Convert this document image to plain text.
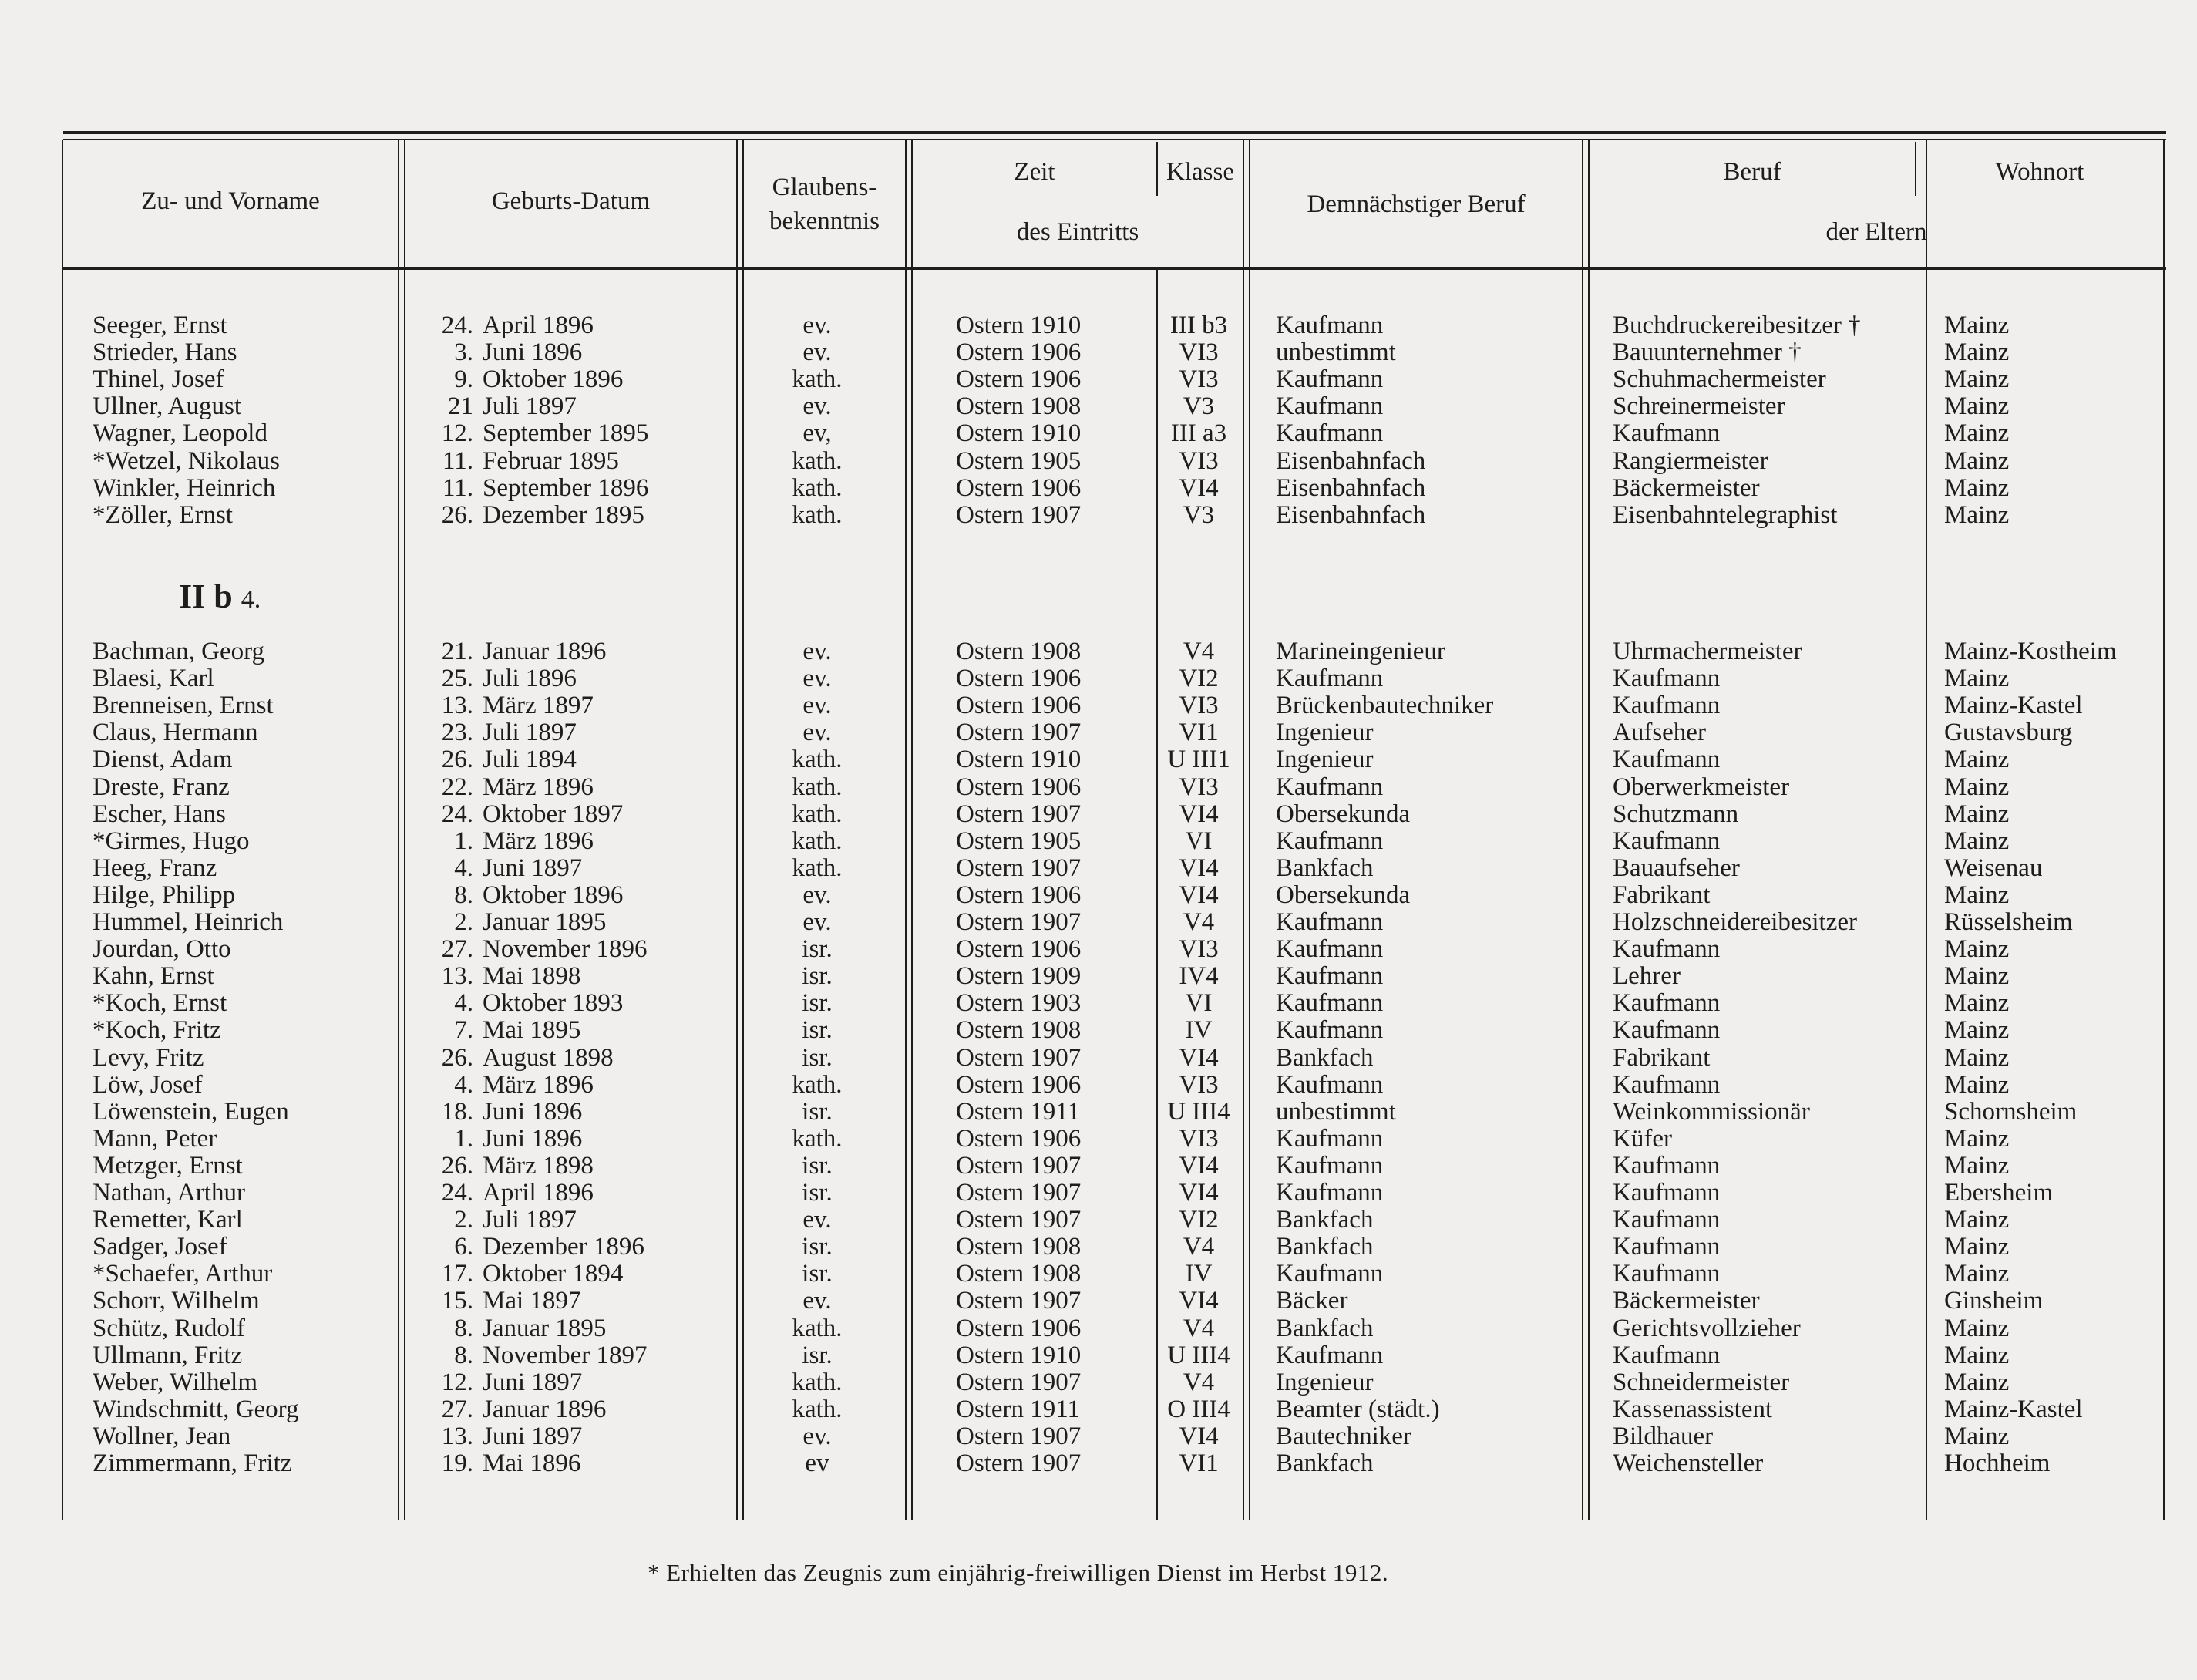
Zu- und Vorname	Geburts-Datum	Glaubens-
bekenntnis
Zeit	Klasse
des Eintritts
Demnächstiger Beruf
Beruf	Wohnort
der Eltern
Seeger, Ernst	24. April 1896	ev.	Ostern 1910	III b3	Kaufmann	Buchdruckereibesitzer †	Mainz
Strieder, Hans	3. Juni 1896	ev.	Ostern 1906	VI3	unbestimmt	Bauunternehmer †	Mainz
Thinel, Josef	9. Oktober 1896	kath.	Ostern 1906	VI3	Kaufmann	Schuhmachermeister	Mainz
Ullner, August	21 Juli 1897	ev.	Ostern 1908	V3	Kaufmann	Schreinermeister	Mainz
Wagner, Leopold	12. September 1895	ev,	Ostern 1910	III a3	Kaufmann	Kaufmann	Mainz
*Wetzel, Nikolaus	11. Februar 1895	kath.	Ostern 1905	VI3	Eisenbahnfach	Rangiermeister	Mainz
Winkler, Heinrich	11. September 1896	kath.	Ostern 1906	VI4	Eisenbahnfach	Bäckermeister	Mainz
*Zöller, Ernst	26. Dezember 1895	kath.	Ostern 1907	V3	Eisenbahnfach	Eisenbahntelegraphist	Mainz
II b 4.
Bachman, Georg	21. Januar 1896	ev.	Ostern 1908	V4	Marineingenieur	Uhrmachermeister	Mainz-Kostheim
Blaesi, Karl	25. Juli 1896	ev.	Ostern 1906	VI2	Kaufmann	Kaufmann	Mainz
Brenneisen, Ernst	13. März 1897	ev.	Ostern 1906	VI3	Brückenbautechniker	Kaufmann	Mainz-Kastel
Claus, Hermann	23. Juli 1897	ev.	Ostern 1907	VI1	Ingenieur	Aufseher	Gustavsburg
Dienst, Adam	26. Juli 1894	kath.	Ostern 1910	U III1	Ingenieur	Kaufmann	Mainz
Dreste, Franz	22. März 1896	kath.	Ostern 1906	VI3	Kaufmann	Oberwerkmeister	Mainz
Escher, Hans	24. Oktober 1897	kath.	Ostern 1907	VI4	Obersekunda	Schutzmann	Mainz
*Girmes, Hugo	1. März 1896	kath.	Ostern 1905	VI	Kaufmann	Kaufmann	Mainz
Heeg, Franz	4. Juni 1897	kath.	Ostern 1907	VI4	Bankfach	Bauaufseher	Weisenau
Hilge, Philipp	8. Oktober 1896	ev.	Ostern 1906	VI4	Obersekunda	Fabrikant	Mainz
Hummel, Heinrich	2. Januar 1895	ev.	Ostern 1907	V4	Kaufmann	Holzschneidereibesitzer	Rüsselsheim
Jourdan, Otto	27. November 1896	isr.	Ostern 1906	VI3	Kaufmann	Kaufmann	Mainz
Kahn, Ernst	13. Mai 1898	isr.	Ostern 1909	IV4	Kaufmann	Lehrer	Mainz
*Koch, Ernst	4. Oktober 1893	isr.	Ostern 1903	VI	Kaufmann	Kaufmann	Mainz
*Koch, Fritz	7. Mai 1895	isr.	Ostern 1908	IV	Kaufmann	Kaufmann	Mainz
Levy, Fritz	26. August 1898	isr.	Ostern 1907	VI4	Bankfach	Fabrikant	Mainz
Löw, Josef	4. März 1896	kath.	Ostern 1906	VI3	Kaufmann	Kaufmann	Mainz
Löwenstein, Eugen	18. Juni 1896	isr.	Ostern 1911	U III4	unbestimmt	Weinkommissionär	Schornsheim
Mann, Peter	1. Juni 1896	kath.	Ostern 1906	VI3	Kaufmann	Küfer	Mainz
Metzger, Ernst	26. März 1898	isr.	Ostern 1907	VI4	Kaufmann	Kaufmann	Mainz
Nathan, Arthur	24. April 1896	isr.	Ostern 1907	VI4	Kaufmann	Kaufmann	Ebersheim
Remetter, Karl	2. Juli 1897	ev.	Ostern 1907	VI2	Bankfach	Kaufmann	Mainz
Sadger, Josef	6. Dezember 1896	isr.	Ostern 1908	V4	Bankfach	Kaufmann	Mainz
*Schaefer, Arthur	17. Oktober 1894	isr.	Ostern 1908	IV	Kaufmann	Kaufmann	Mainz
Schorr, Wilhelm	15. Mai 1897	ev.	Ostern 1907	VI4	Bäcker	Bäckermeister	Ginsheim
Schütz, Rudolf	8. Januar 1895	kath.	Ostern 1906	V4	Bankfach	Gerichtsvollzieher	Mainz
Ullmann, Fritz	8. November 1897	isr.	Ostern 1910	U III4	Kaufmann	Kaufmann	Mainz
Weber, Wilhelm	12. Juni 1897	kath.	Ostern 1907	V4	Ingenieur	Schneidermeister	Mainz
Windschmitt, Georg	27. Januar 1896	kath.	Ostern 1911	O III4	Beamter (städt.)	Kassenassistent	Mainz-Kastel
Wollner, Jean	13. Juni 1897	ev.	Ostern 1907	VI4	Bautechniker	Bildhauer	Mainz
Zimmermann, Fritz	19. Mai 1896	ev	Ostern 1907	VI1	Bankfach	Weichensteller	Hochheim
* Erhielten das Zeugnis zum einjährig-freiwilligen Dienst im Herbst 1912.
